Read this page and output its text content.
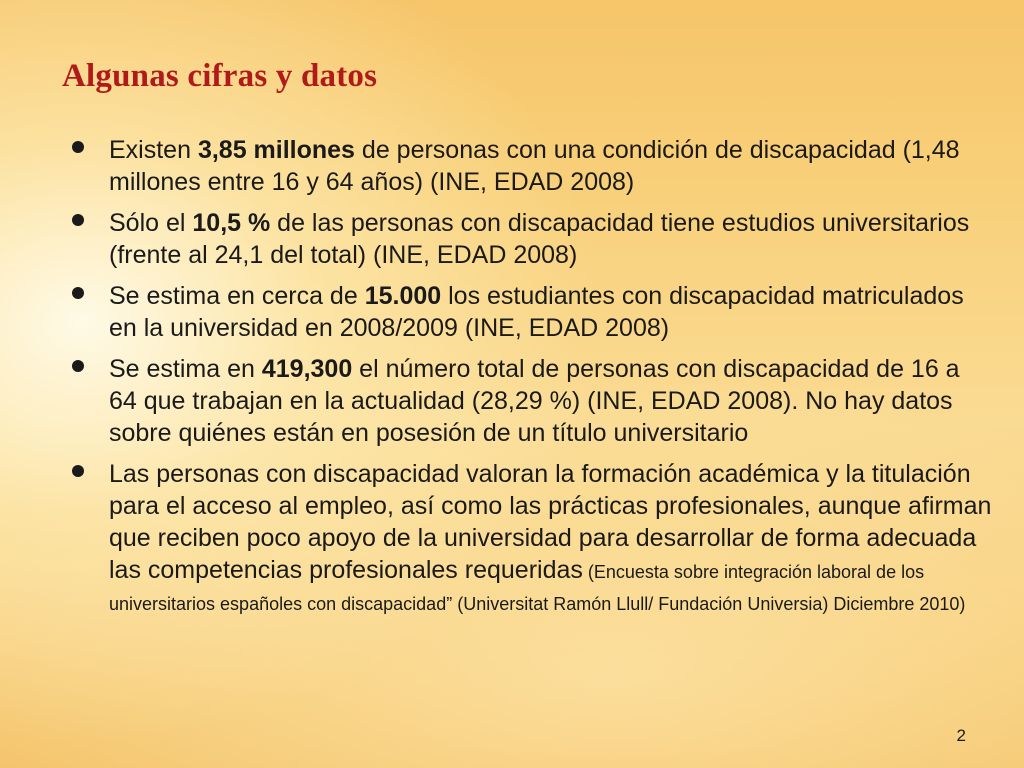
Algunas cifras y datos
Existen 3,85 millones de personas con una condición de discapacidad (1,48 millones entre 16 y 64 años) (INE, EDAD 2008)
Sólo el 10,5 % de las personas con discapacidad tiene estudios universitarios (frente al 24,1 del total) (INE, EDAD 2008)
Se estima en cerca de 15.000 los estudiantes con discapacidad matriculados en la universidad en 2008/2009 (INE, EDAD 2008)
Se estima en 419,300 el número total de personas con discapacidad de 16 a 64 que trabajan en la actualidad (28,29 %) (INE, EDAD 2008). No hay datos sobre quiénes están en posesión de un título universitario
Las personas con discapacidad valoran la formación académica y la titulación para el acceso al empleo, así como las prácticas profesionales, aunque afirman que reciben poco apoyo de la universidad para desarrollar de forma adecuada las competencias profesionales requeridas (Encuesta sobre integración laboral de los universitarios españoles con discapacidad” (Universitat Ramón Llull/ Fundación Universia) Diciembre 2010)
2
